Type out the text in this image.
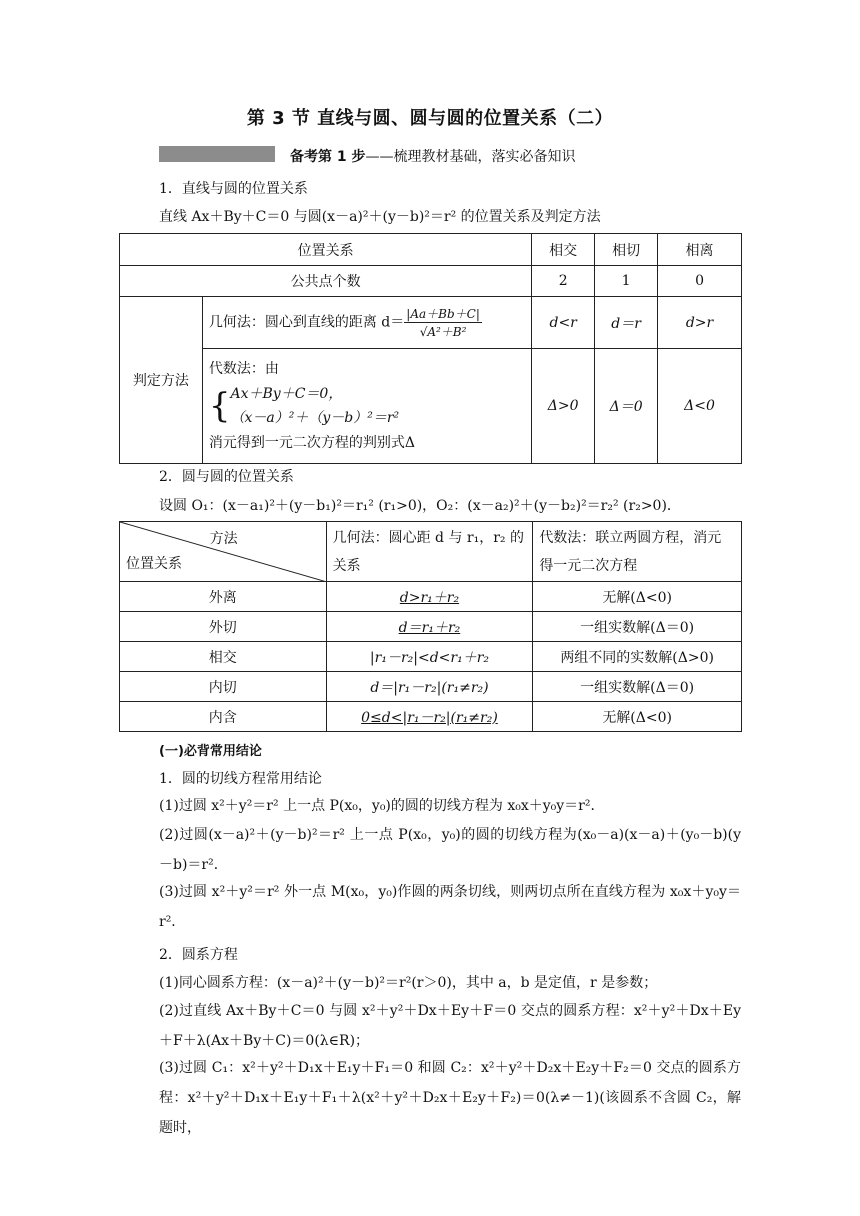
第 3 节 直线与圆、圆与圆的位置关系（二）
备考第 1 步——梳理教材基础，落实必备知识
1．直线与圆的位置关系
直线 Ax＋By＋C＝0 与圆(x－a)²＋(y－b)²＝r² 的位置关系及判定方法
位置关系		相交	相切	相离
公共点个数		2	1	0
判定方法	几何法：圆心到直线的距离 $d= \frac{|Aa+Bb+C|}{\text{√A²＋B²}}$	d<r	d＝r	d>r

	代数法：由
{ Ax＋By＋C＝0，
（x－a）²＋（y－b）²＝r²
消元得到一元二次方程的判别式Δ	Δ>0	Δ＝0	Δ<0
2．圆与圆的位置关系
设圆 O₁：(x－a₁)²＋(y－b₁)²＝r₁² (r₁>0)，O₂：(x－a₂)²＋(y－b₂)²＝r₂² (r₂>0)．
方法
位置关系	几何法：圆心距 d 与 r₁，r₂ 的关系	代数法：联立两圆方程，消元得一元二次方程
外离	d>r₁＋r₂	无解(Δ<0)
外切	d＝r₁＋r₂	一组实数解(Δ＝0)
相交	|r₁－r₂|<d<r₁＋r₂	两组不同的实数解(Δ>0)
内切	d＝|r₁－r₂|(r₁≠r₂)	一组实数解(Δ＝0)
内含	0≤d<|r₁－r₂|(r₁≠r₂)	无解(Δ<0)
(一)必背常用结论
1．圆的切线方程常用结论
(1)过圆 x²＋y²＝r² 上一点 P(x₀，y₀)的圆的切线方程为 x₀x＋y₀y＝r²．
(2)过圆(x－a)²＋(y－b)²＝r² 上一点 P(x₀，y₀)的圆的切线方程为(x₀－a)(x－a)＋(y₀－b)(y－b)＝r²．
(3)过圆 x²＋y²＝r² 外一点 M(x₀，y₀)作圆的两条切线，则两切点所在直线方程为 x₀x＋y₀y＝r²．
2．圆系方程
(1)同心圆系方程：(x－a)²＋(y－b)²＝r²(r＞0)，其中 a，b 是定值，r 是参数；
(2)过直线 Ax＋By＋C＝0 与圆 x²＋y²＋Dx＋Ey＋F＝0 交点的圆系方程：x²＋y²＋Dx＋Ey＋F＋λ(Ax＋By＋C)＝0(λ∈R)；
(3)过圆 C₁：x²＋y²＋D₁x＋E₁y＋F₁＝0 和圆 C₂：x²＋y²＋D₂x＋E₂y＋F₂＝0 交点的圆系方程：x²＋y²＋D₁x＋E₁y＋F₁＋λ(x²＋y²＋D₂x＋E₂y＋F₂)＝0(λ≠－1)(该圆系不含圆 C₂，解题时，
